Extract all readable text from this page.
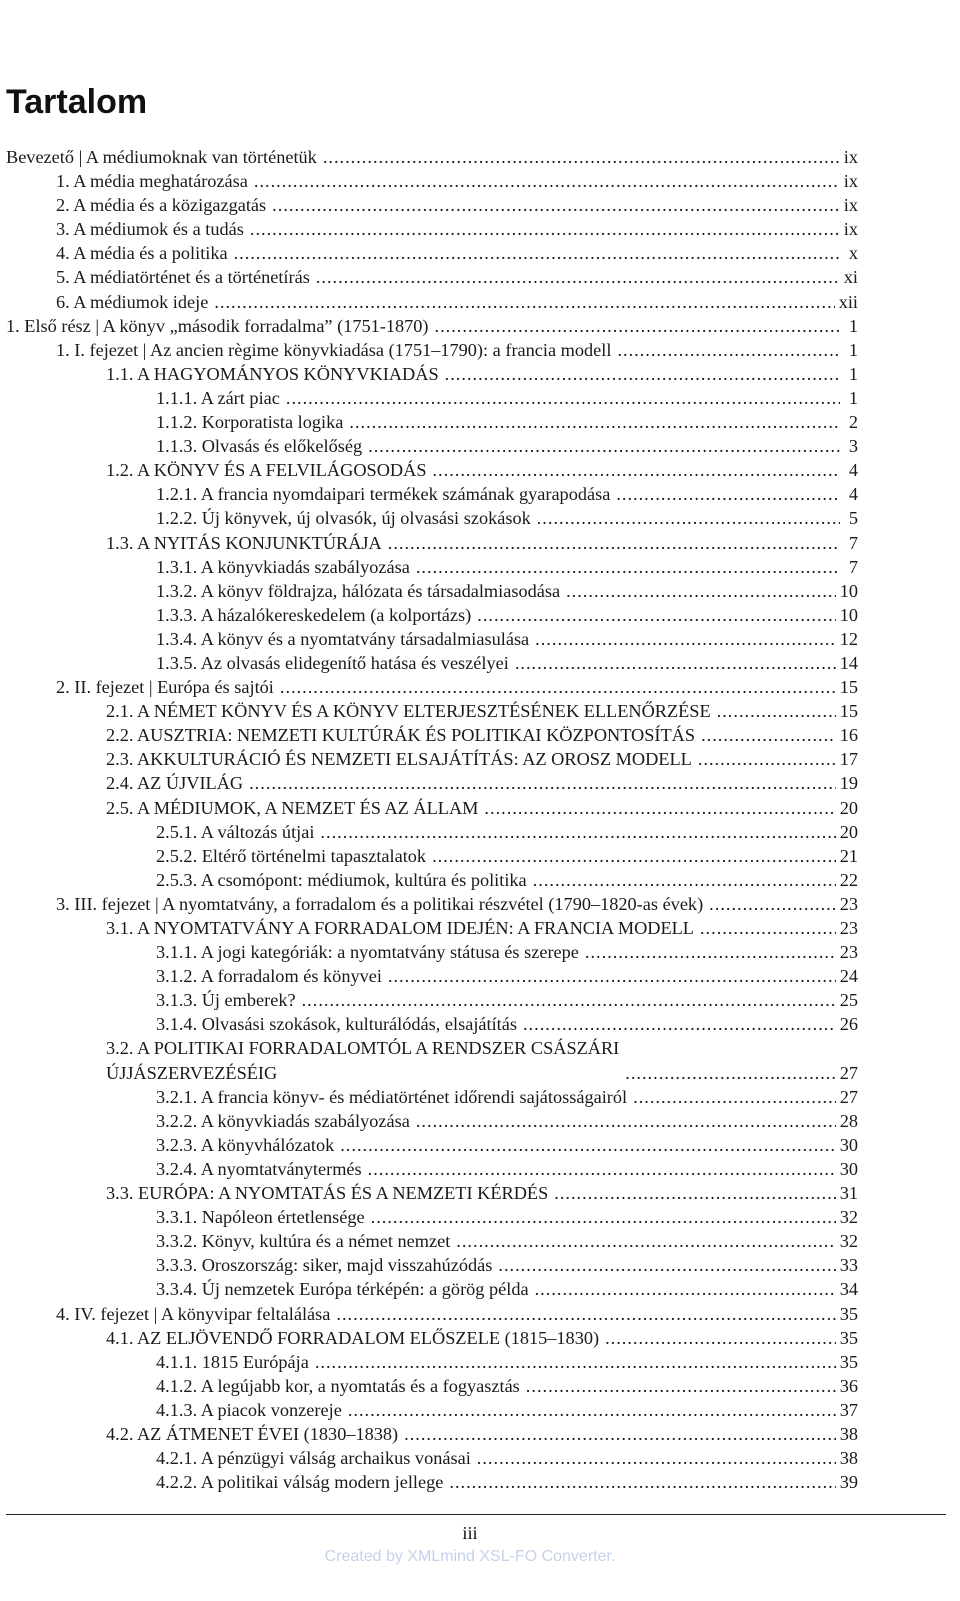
Tartalom
Bevezető | A médiumoknak van történetük .....	ix
1. A média meghatározása .....	ix
2. A média és a közigazgatás .....	ix
3. A médiumok és a tudás .....	ix
4. A média és a politika .....	x
5. A médiatörténet és a történetírás .....	xi
6. A médiumok ideje .....	xii
1. Első rész | A könyv „második forradalma” (1751-1870) .....	1
1. I. fejezet | Az ancien règime könyvkiadása (1751–1790): a francia modell .....	1
1.1. A HAGYOMÁNYOS KÖNYVKIADÁS .....	1
1.1.1. A zárt piac .....	1
1.1.2. Korporatista logika .....	2
1.1.3. Olvasás és előkelőség .....	3
1.2. A KÖNYV ÉS A FELVILÁGOSODÁS .....	4
1.2.1. A francia nyomdaipari termékek számának gyarapodása .....	4
1.2.2. Új könyvek, új olvasók, új olvasási szokások .....	5
1.3. A NYITÁS KONJUNKTÚRÁJA .....	7
1.3.1. A könyvkiadás szabályozása .....	7
1.3.2. A könyv földrajza, hálózata és társadalmiasodása .....	10
1.3.3. A házalókereskedelem (a kolportázs) .....	10
1.3.4. A könyv és a nyomtatvány társadalmiasulása .....	12
1.3.5. Az olvasás elidegenítő hatása és veszélyei .....	14
2. II. fejezet | Európa és sajtói .....	15
2.1. A NÉMET KÖNYV ÉS A KÖNYV ELTERJESZTÉSÉNEK ELLENŐRZÉSE .....	15
2.2. AUSZTRIA: NEMZETI KULTÚRÁK ÉS POLITIKAI KÖZPONTOSÍTÁS .....	16
2.3. AKKULTURÁCIÓ ÉS NEMZETI ELSAJÁTÍTÁS: AZ OROSZ MODELL .....	17
2.4. AZ ÚJVILÁG .....	19
2.5. A MÉDIUMOK, A NEMZET ÉS AZ ÁLLAM .....	20
2.5.1. A változás útjai .....	20
2.5.2. Eltérő történelmi tapasztalatok .....	21
2.5.3. A csomópont: médiumok, kultúra és politika .....	22
3. III. fejezet | A nyomtatvány, a forradalom és a politikai részvétel (1790–1820-as évek) .....	23
3.1. A NYOMTATVÁNY A FORRADALOM IDEJÉN: A FRANCIA MODELL .....	23
3.1.1. A jogi kategóriák: a nyomtatvány státusa és szerepe .....	23
3.1.2. A forradalom és könyvei .....	24
3.1.3. Új emberek? .....	25
3.1.4. Olvasási szokások, kulturálódás, elsajátítás .....	26
3.2. A POLITIKAI FORRADALOMTÓL A RENDSZER CSÁSZÁRI
ÚJJÁSZERVEZÉSÉIG .....	27
3.2.1. A francia könyv- és médiatörténet időrendi sajátosságairól .....	27
3.2.2. A könyvkiadás szabályozása .....	28
3.2.3. A könyvhálózatok .....	30
3.2.4. A nyomtatványtermés .....	30
3.3. EURÓPA: A NYOMTATÁS ÉS A NEMZETI KÉRDÉS .....	31
3.3.1. Napóleon értetlensége .....	32
3.3.2. Könyv, kultúra és a német nemzet .....	32
3.3.3. Oroszország: siker, majd visszahúzódás .....	33
3.3.4. Új nemzetek Európa térképén: a görög példa .....	34
4. IV. fejezet | A könyvipar feltalálása .....	35
4.1. AZ ELJÖVENDŐ FORRADALOM ELŐSZELE (1815–1830) .....	35
4.1.1. 1815 Európája .....	35
4.1.2. A legújabb kor, a nyomtatás és a fogyasztás .....	36
4.1.3. A piacok vonzereje .....	37
4.2. AZ ÁTMENET ÉVEI (1830–1838) .....	38
4.2.1. A pénzügyi válság archaikus vonásai .....	38
4.2.2. A politikai válság modern jellege .....	39
iii
Created by XMLmind XSL-FO Converter.
